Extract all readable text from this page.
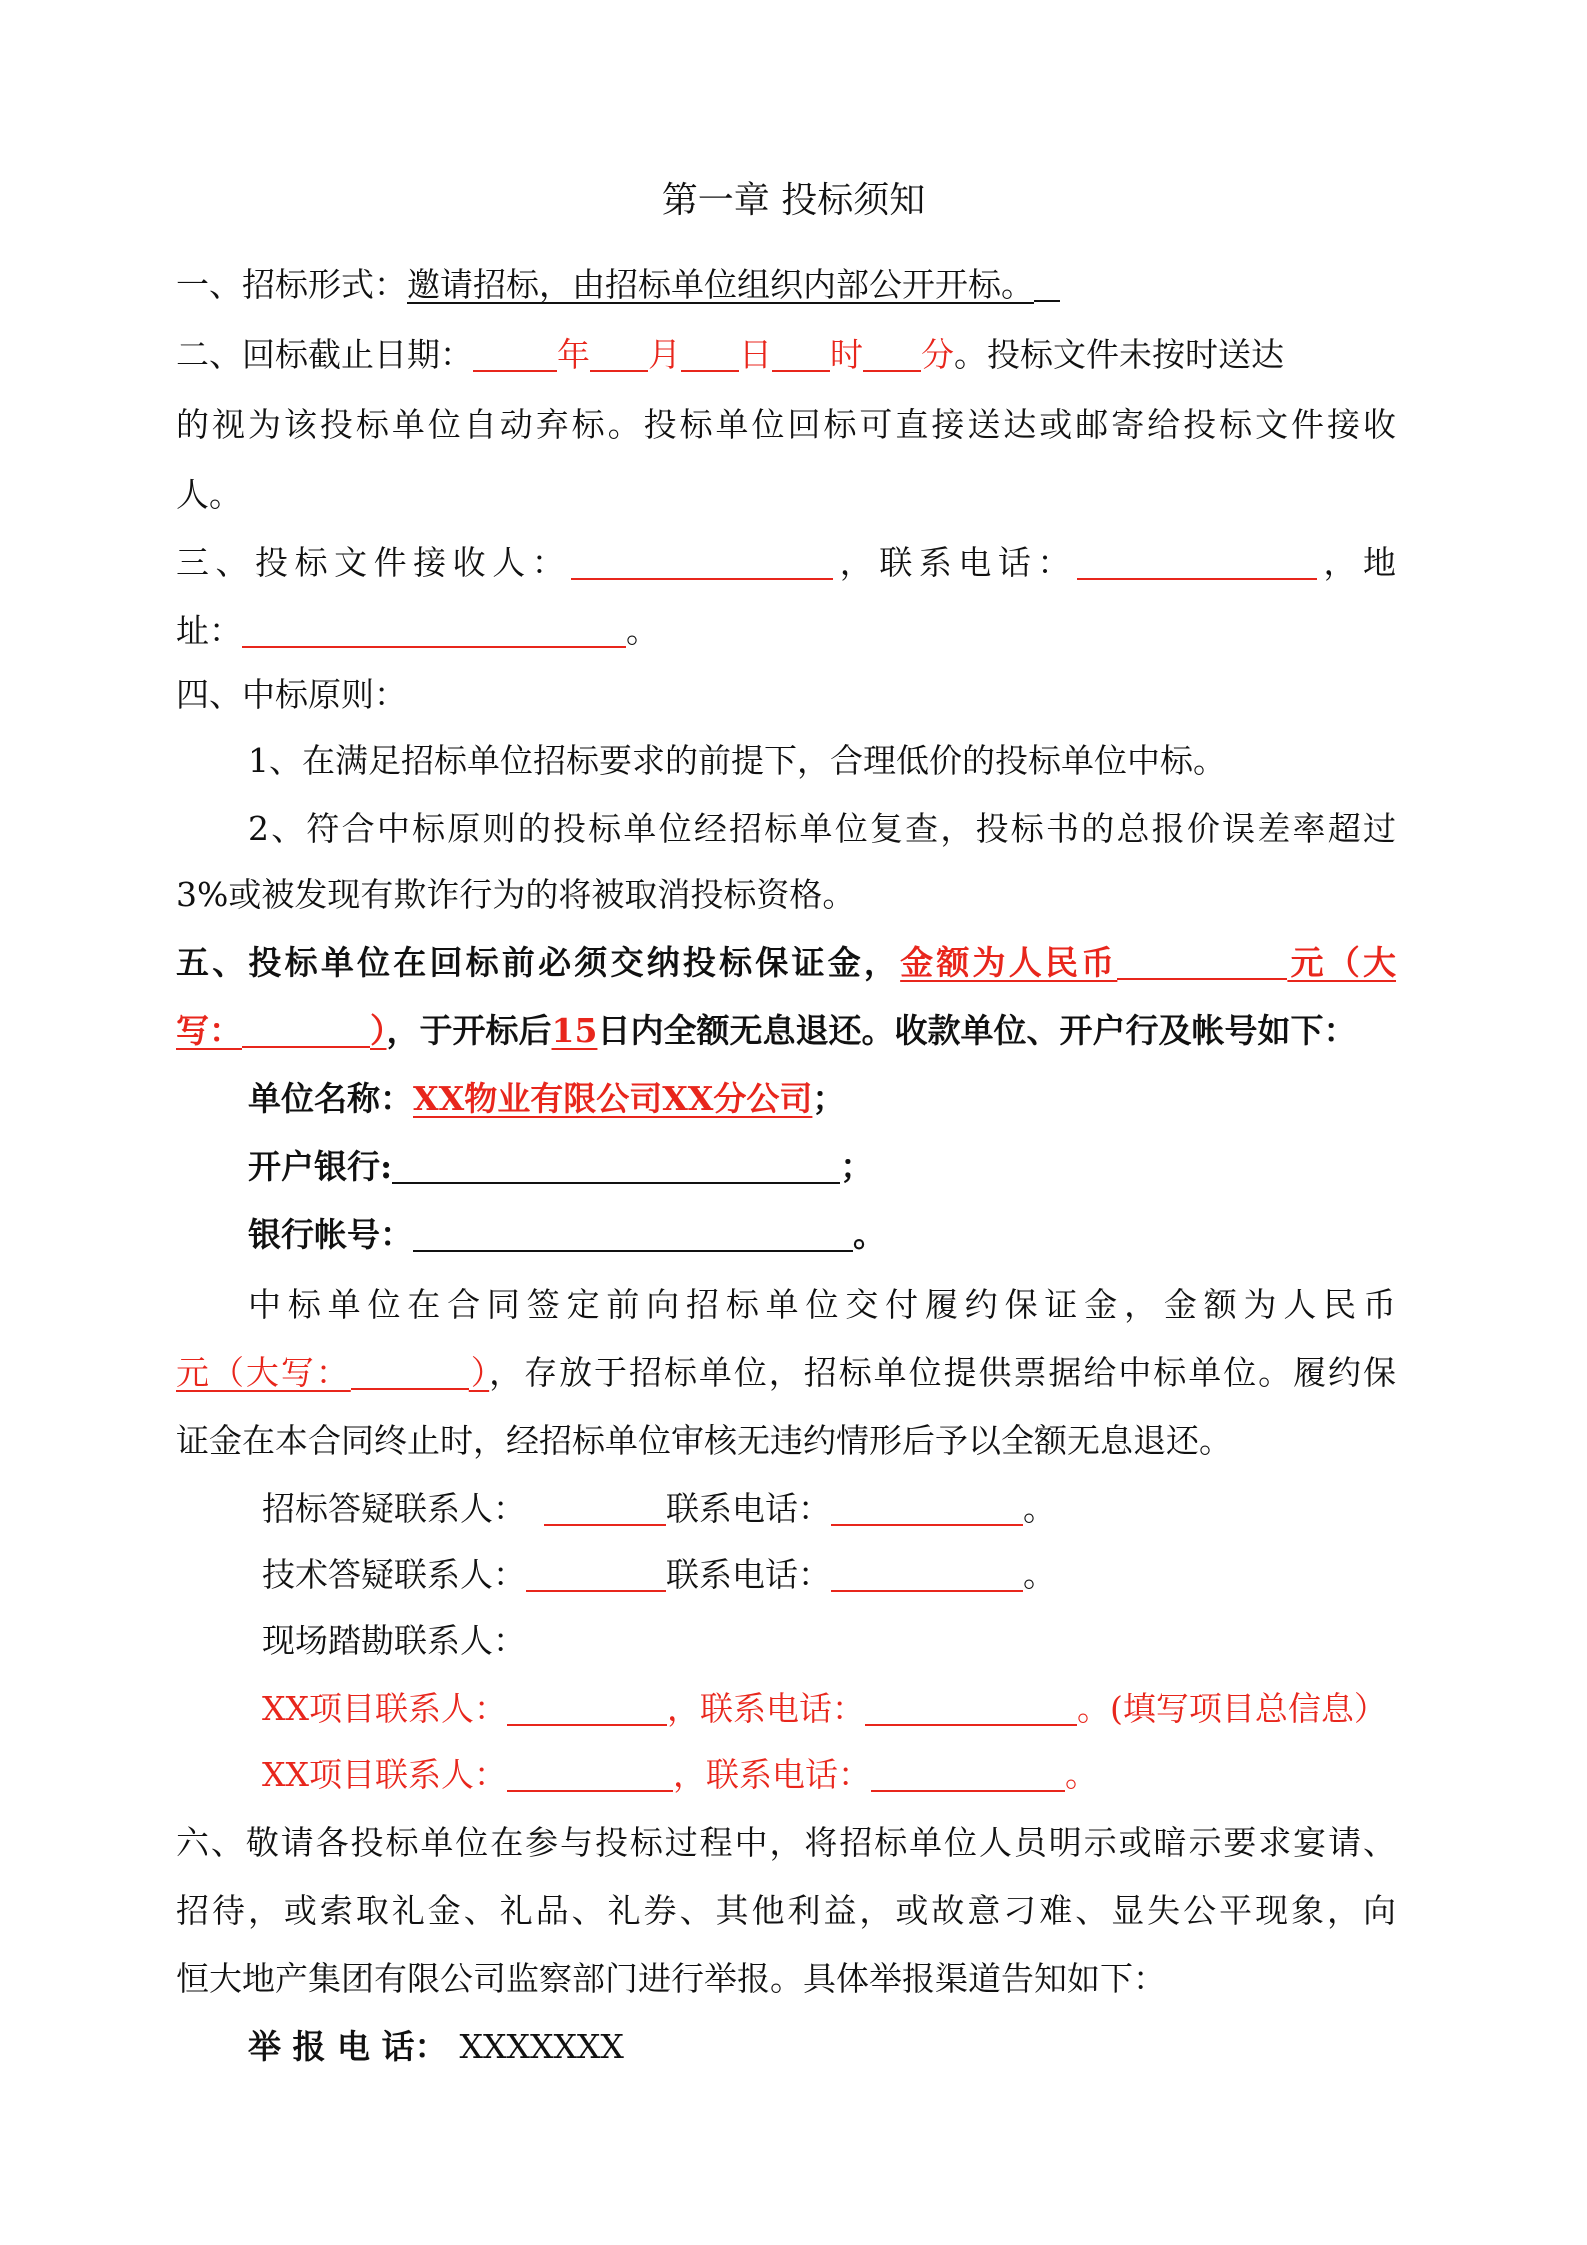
第一章 投标须知
一、招标形式：邀请招标，由招标单位组织内部公开开标。
二、回标截止日期：	年 月 日 时 分。投标文件未按时送达
的视为该投标单位自动弃标。投标单位回标可直接送达或邮寄给投标文件接收
人。
三、投标文件接收人：	，联系电话：	，地
址：	。
四、中标原则：
1、在满足招标单位招标要求的前提下，合理低价的投标单位中标。
2、符合中标原则的投标单位经招标单位复查，投标书的总报价误差率超过
3%或被发现有欺诈行为的将被取消投标资格。
五、投标单位在回标前必须交纳投标保证金，金额为人民币	元（大
写：	），于开标后15日内全额无息退还。收款单位、开户行及帐号如下：
单位名称：XX物业有限公司XX分公司；
开户银行:	；
银行帐号：	。
中标单位在合同签定前向招标单位交付履约保证金，金额为人民币
元（大写：	），存放于招标单位，招标单位提供票据给中标单位。履约保
证金在本合同终止时，经招标单位审核无违约情形后予以全额无息退还。
招标答疑联系人：	联系电话：	。
技术答疑联系人：	联系电话：	。
现场踏勘联系人：
XX项目联系人：	，联系电话：	。(填写项目总信息）
XX项目联系人：	，联系电话：	。
六、敬请各投标单位在参与投标过程中，将招标单位人员明示或暗示要求宴请、
招待，或索取礼金、礼品、礼券、其他利益，或故意刁难、显失公平现象，向
恒大地产集团有限公司监察部门进行举报。具体举报渠道告知如下：
举 报 电 话： XXXXXXX
